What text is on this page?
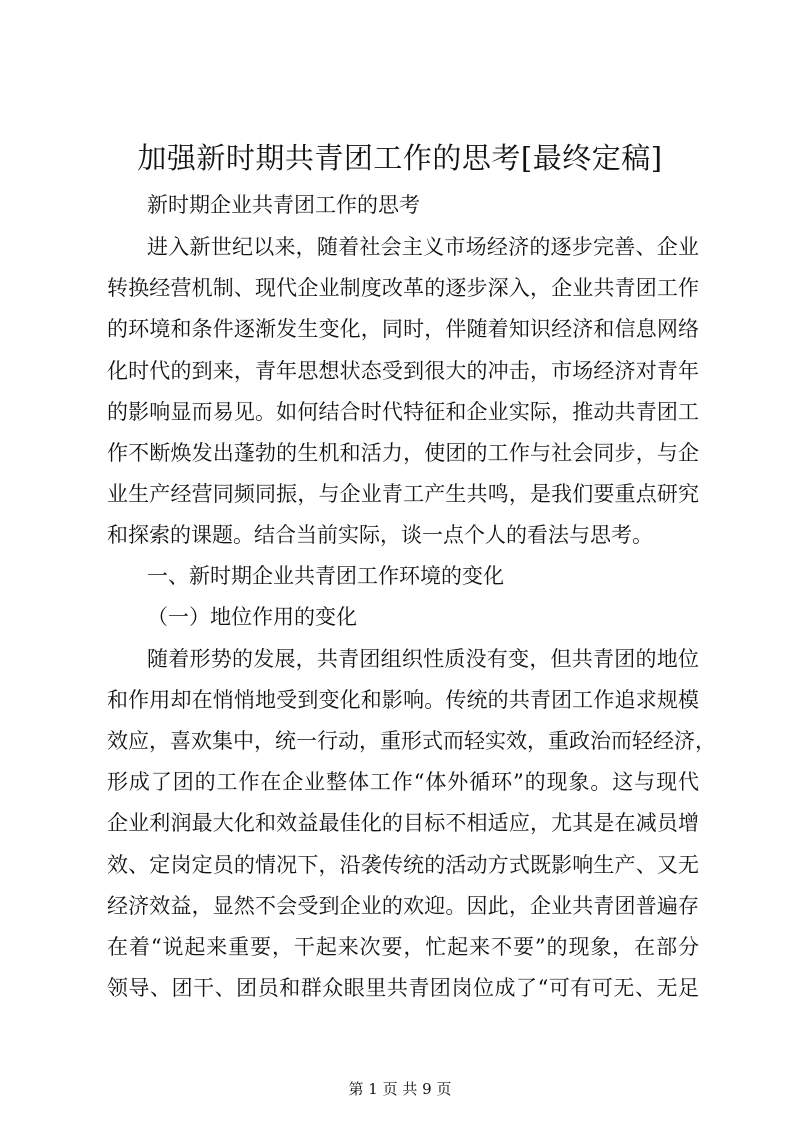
加强新时期共青团工作的思考[最终定稿]
新时期企业共青团工作的思考
进入新世纪以来，随着社会主义市场经济的逐步完善、企业
转换经营机制、现代企业制度改革的逐步深入，企业共青团工作
的环境和条件逐渐发生变化，同时，伴随着知识经济和信息网络
化时代的到来，青年思想状态受到很大的冲击，市场经济对青年
的影响显而易见。如何结合时代特征和企业实际，推动共青团工
作不断焕发出蓬勃的生机和活力，使团的工作与社会同步，与企
业生产经营同频同振，与企业青工产生共鸣，是我们要重点研究
和探索的课题。结合当前实际，谈一点个人的看法与思考。
一、新时期企业共青团工作环境的变化
（一）地位作用的变化
随着形势的发展，共青团组织性质没有变，但共青团的地位
和作用却在悄悄地受到变化和影响。传统的共青团工作追求规模
效应，喜欢集中，统一行动，重形式而轻实效，重政治而轻经济，
形成了团的工作在企业整体工作“体外循环”的现象。这与现代
企业利润最大化和效益最佳化的目标不相适应，尤其是在减员增
效、定岗定员的情况下，沿袭传统的活动方式既影响生产、又无
经济效益，显然不会受到企业的欢迎。因此，企业共青团普遍存
在着“说起来重要，干起来次要，忙起来不要”的现象，在部分
领导、团干、团员和群众眼里共青团岗位成了“可有可无、无足
第 1 页 共 9 页
